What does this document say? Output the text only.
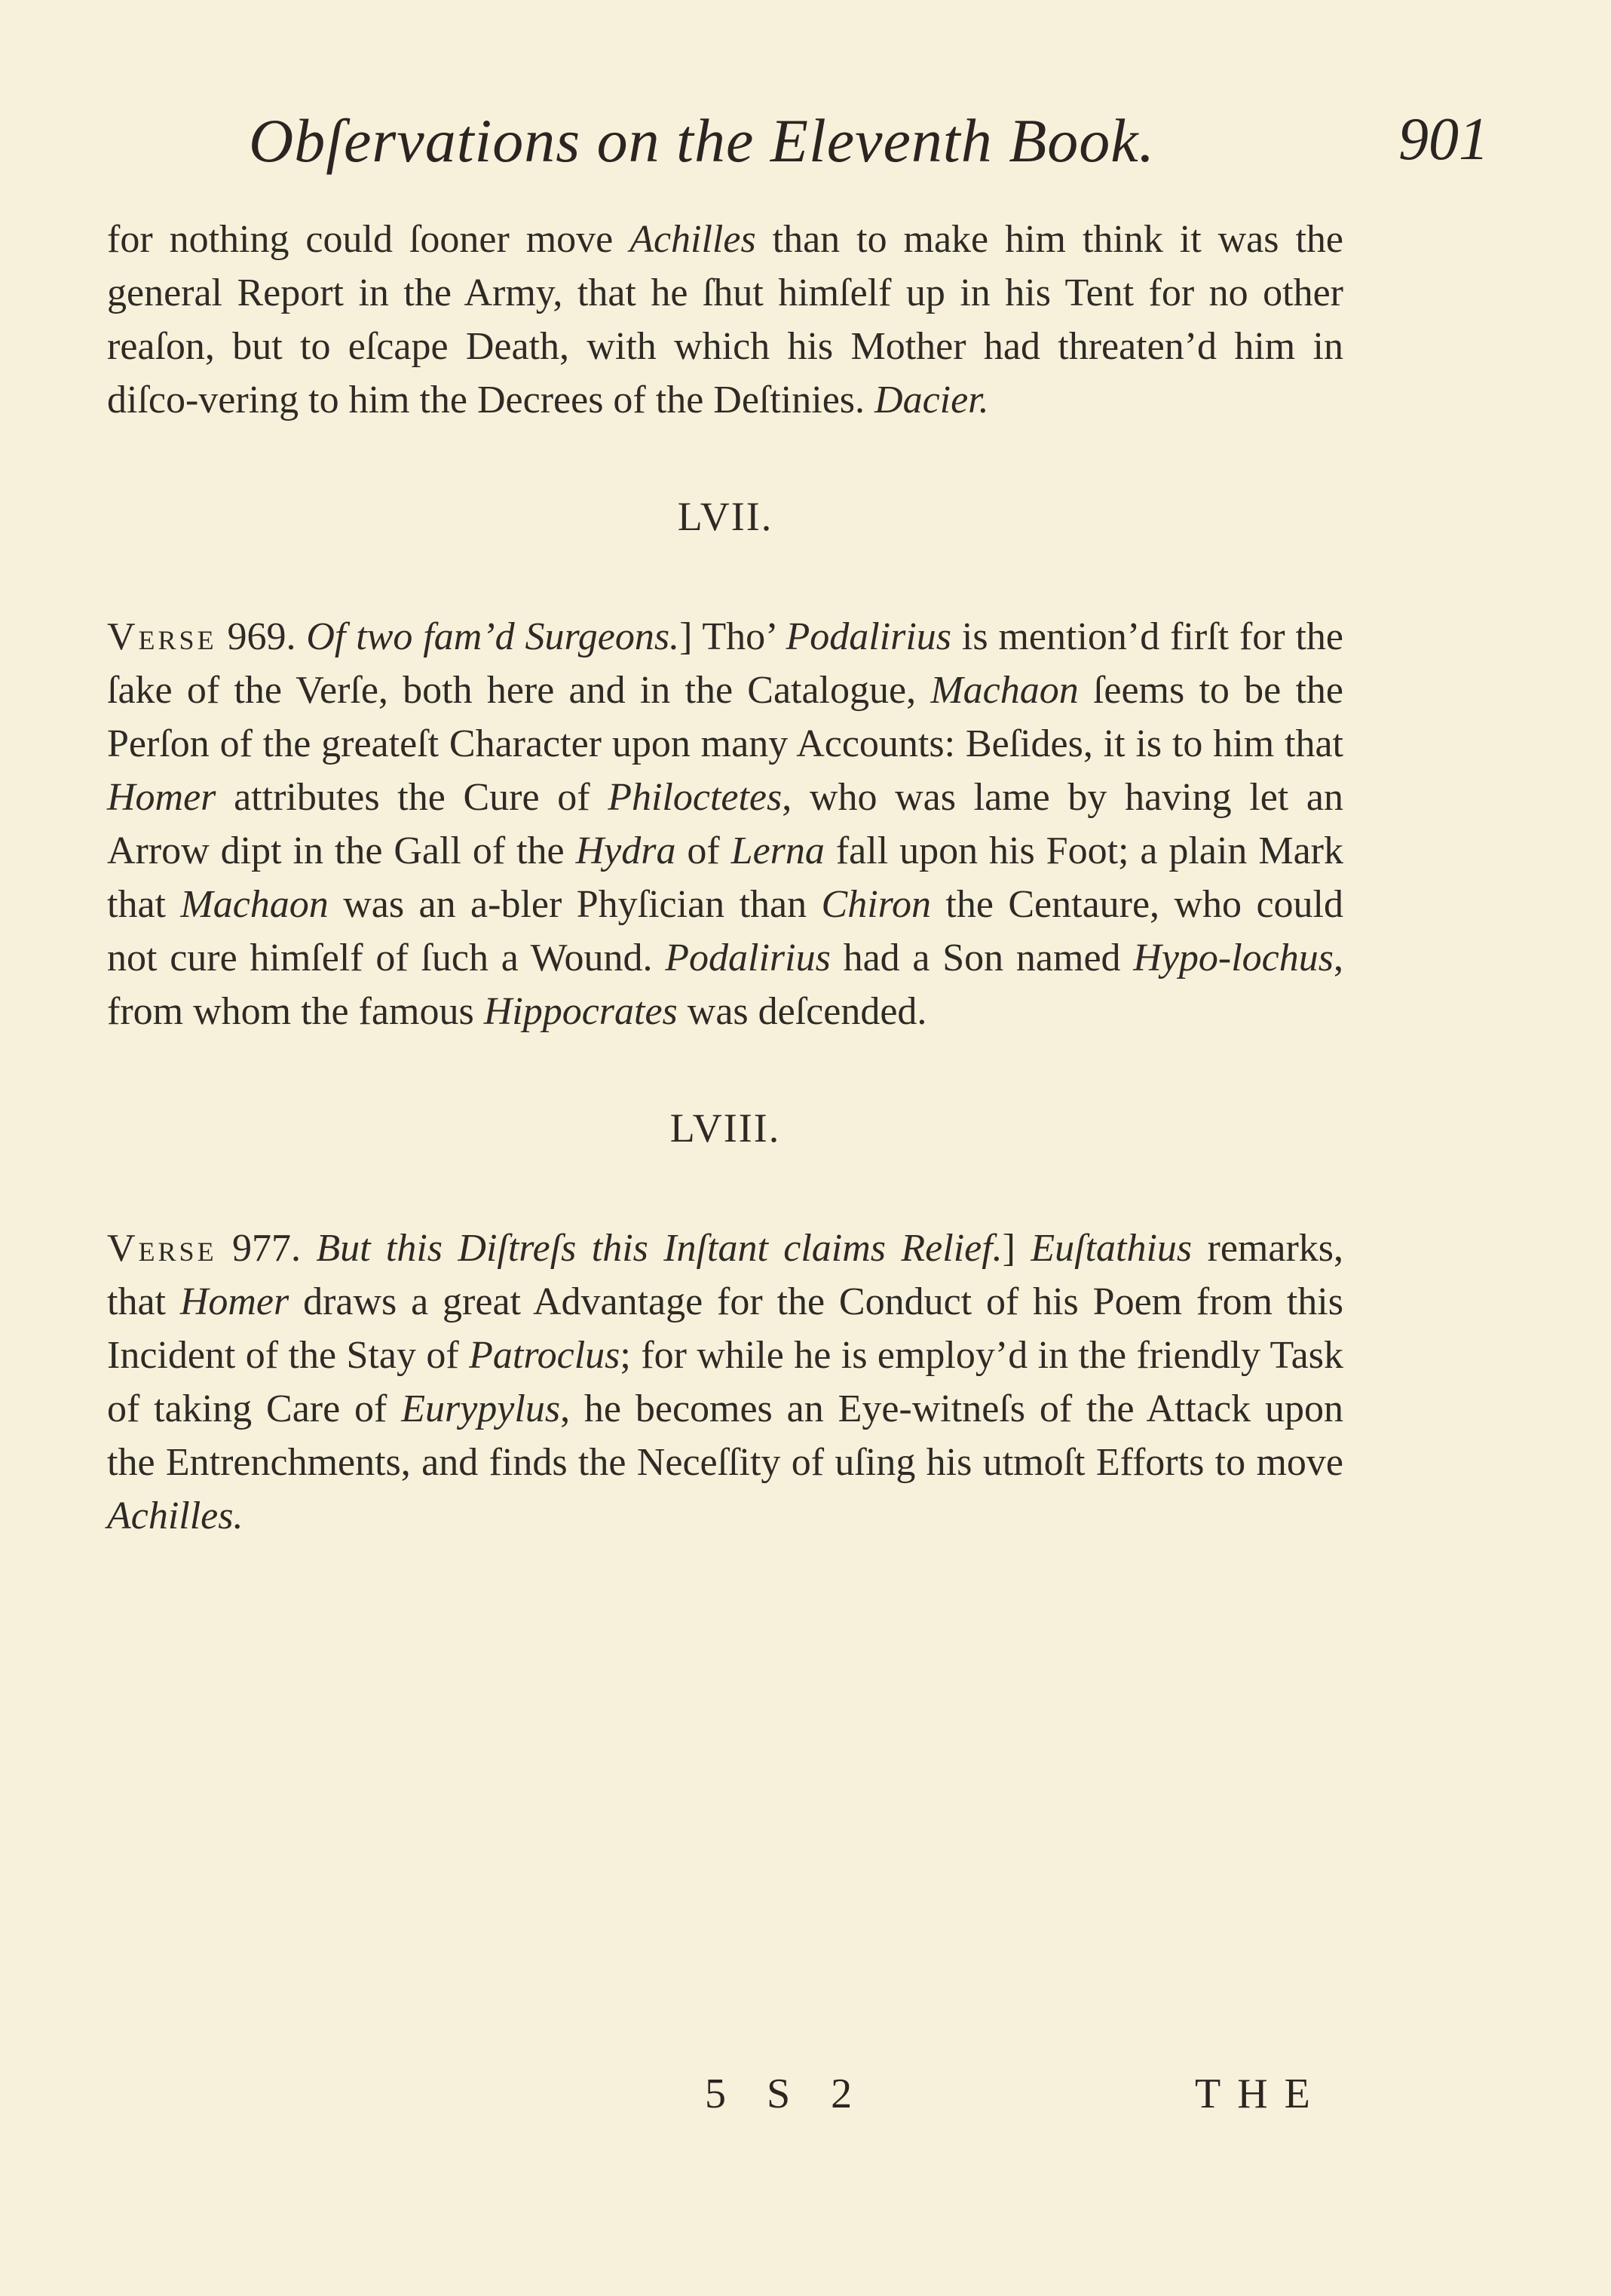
Obſervations on the Eleventh Book.	901

for nothing could ſooner move Achilles than to make him think it was the general Report in the Army, that he ſhut himſelf up in his Tent for no other reaſon, but to eſcape Death, with which his Mother had threaten’d him in diſco-vering to him the Decrees of the Deſtinies. Dacier.

LVII.

Verse 969. Of two fam’d Surgeons.] Tho’ Podalirius is mention’d firſt for the ſake of the Verſe, both here and in the Catalogue, Machaon ſeems to be the Perſon of the greateſt Character upon many Accounts: Beſides, it is to him that Homer attributes the Cure of Philoctetes, who was lame by having let an Arrow dipt in the Gall of the Hydra of Lerna fall upon his Foot; a plain Mark that Machaon was an a-bler Phyſician than Chiron the Centaure, who could not cure himſelf of ſuch a Wound. Podalirius had a Son named Hypo-lochus, from whom the famous Hippocrates was deſcended.

LVIII.

Verse 977. But this Diſtreſs this Inſtant claims Relief.] Euſtathius remarks, that Homer draws a great Advantage for the Conduct of his Poem from this Incident of the Stay of Patroclus; for while he is employ’d in the friendly Task of taking Care of Eurypylus, he becomes an Eye-witneſs of the Attack upon the Entrenchments, and finds the Neceſſity of uſing his utmoſt Efforts to move Achilles.

5 S 2	THE
